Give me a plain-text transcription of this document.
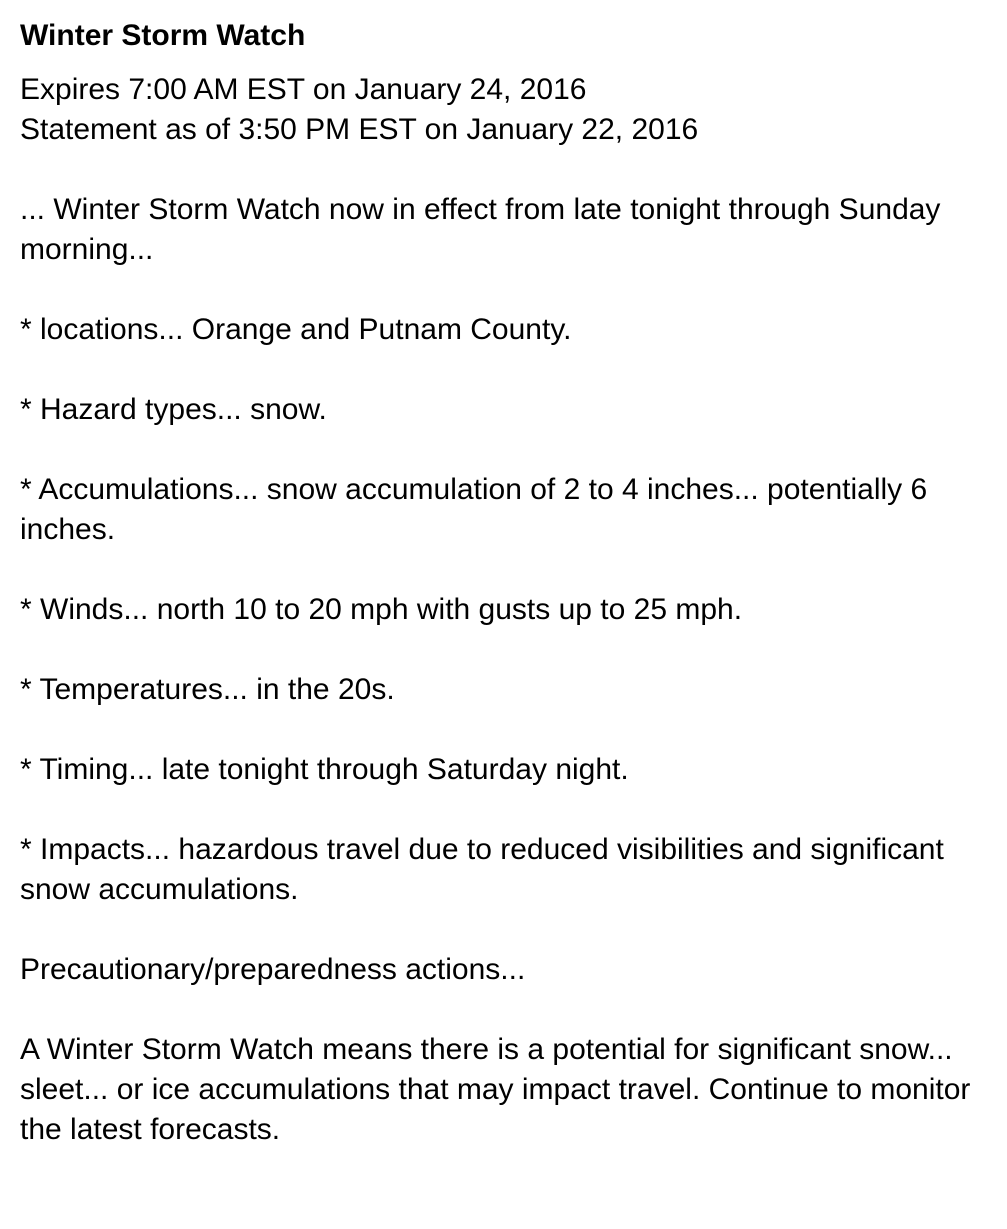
Winter Storm Watch

Expires 7:00 AM EST on January 24, 2016

Statement as of 3:50 PM EST on January 22, 2016

... Winter Storm Watch now in effect from late tonight through Sunday morning...

* locations... Orange and Putnam County.

* Hazard types... snow.

* Accumulations... snow accumulation of 2 to 4 inches... potentially 6 inches.

* Winds... north 10 to 20 mph with gusts up to 25 mph.

* Temperatures... in the 20s.

* Timing... late tonight through Saturday night.

* Impacts... hazardous travel due to reduced visibilities and significant snow accumulations.

Precautionary/preparedness actions...

A Winter Storm Watch means there is a potential for significant snow... sleet... or ice accumulations that may impact travel. Continue to monitor the latest forecasts.
